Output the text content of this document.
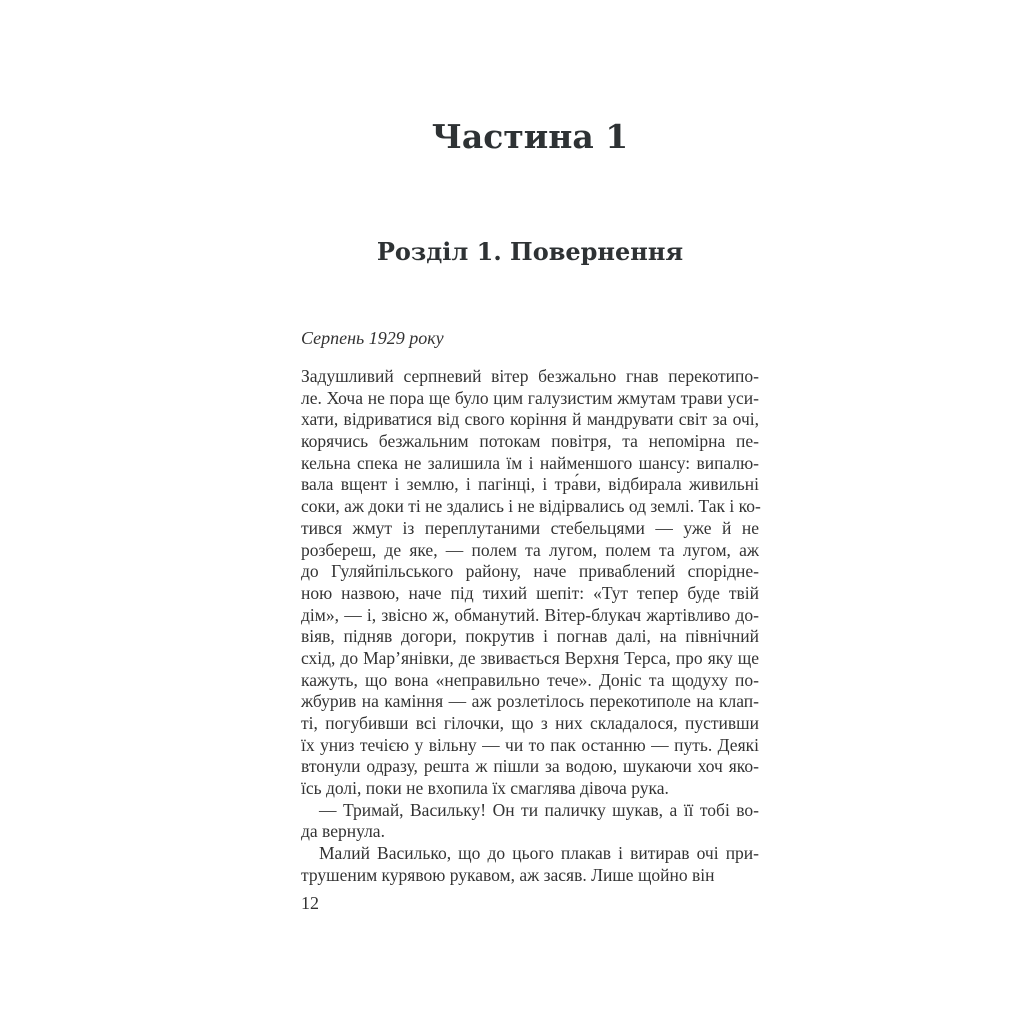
Частина 1
Розділ 1. Повернення
Серпень 1929 року
Задушливий серпневий вітер безжально гнав перекотипо-
ле. Хоча не пора ще було цим галузистим жмутам трави уси-
хати, відриватися від свого коріння й мандрувати світ за очі,
корячись безжальним потокам повітря, та непомірна пе-
кельна спека не залишила їм і найменшого шансу: випалю-
вала вщент і землю, і пагінці, і тра́ви, відбирала живильні
соки, аж доки ті не здались і не відірвались од землі. Так і ко-
тився жмут із переплутаними стебельцями — уже й не
розбереш, де яке, — полем та лугом, полем та лугом, аж
до Гуляйпільського району, наче приваблений спорідне-
ною назвою, наче під тихий шепіт: «Тут тепер буде твій
дім», — і, звісно ж, обманутий. Вітер-блукач жартівливо до-
віяв, підняв догори, покрутив і погнав далі, на північний
схід, до Мар’янівки, де звивається Верхня Терса, про яку ще
кажуть, що вона «неправильно тече». Доніс та щодуху по-
жбурив на каміння — аж розлетілось перекотиполе на клап-
ті, погубивши всі гілочки, що з них складалося, пустивши
їх униз течією у вільну — чи то пак останню — путь. Деякі
втонули одразу, решта ж пішли за водою, шукаючи хоч яко-
їсь долі, поки не вхопила їх смаглява дівоча рука.
— Тримай, Васильку! Он ти паличку шукав, а її тобі во-
да вернула.
Малий Василько, що до цього плакав і витирав очі при-
трушеним курявою рукавом, аж засяв. Лише щойно він
12
